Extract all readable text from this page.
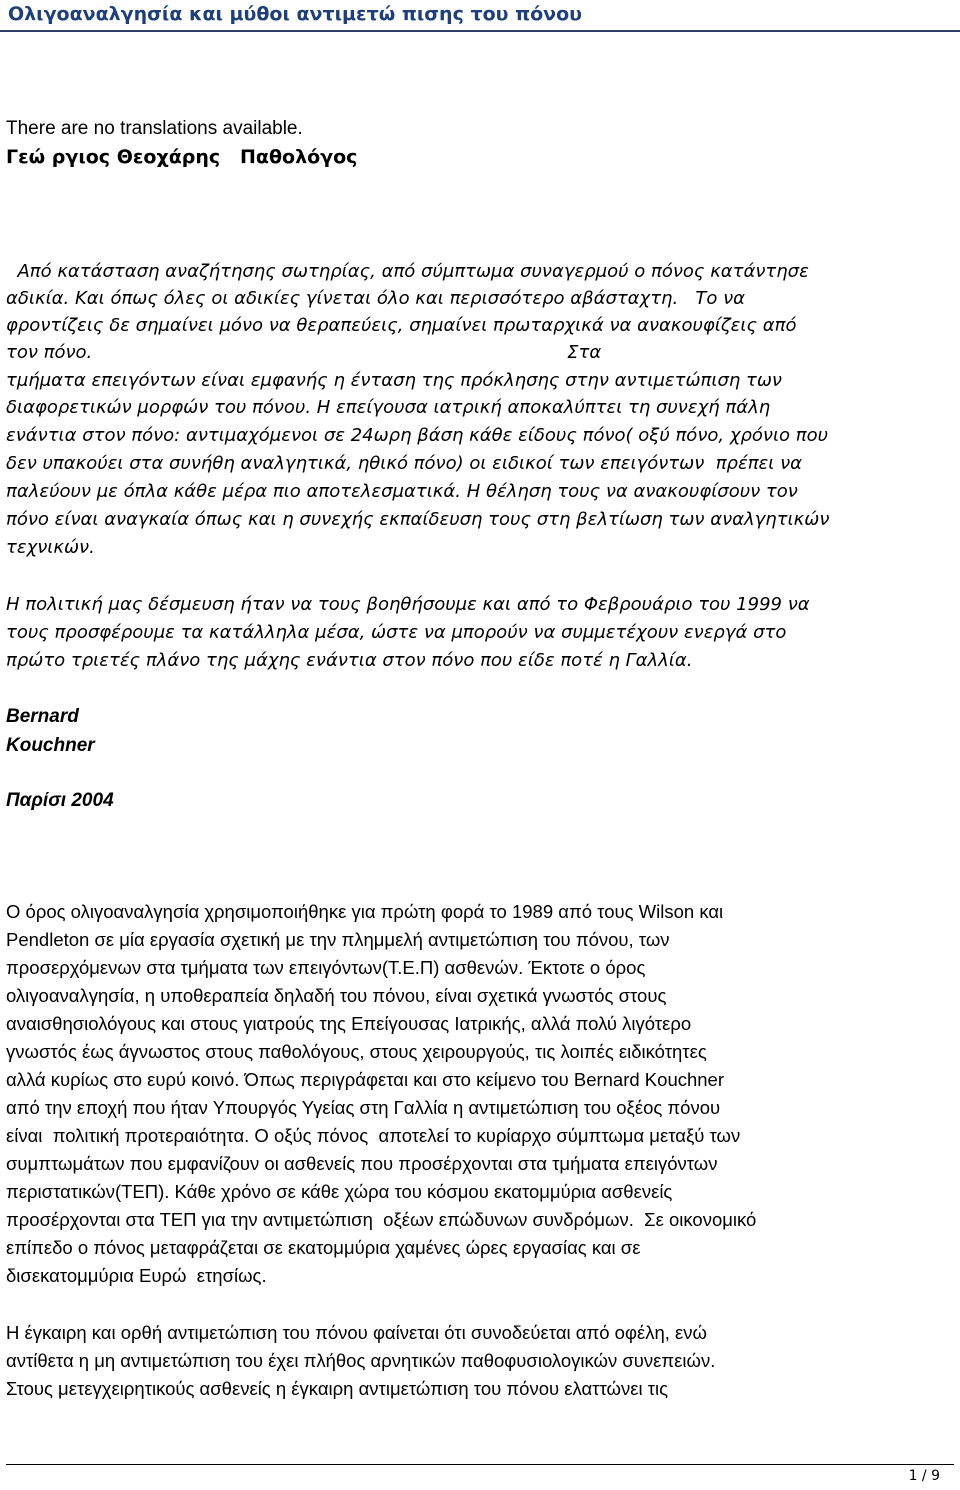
Ολιγοαναλγησία και μύθοι αντιμετώ πισης του πόνου
There are no translations available.
Γεώ ργιος Θεοχάρης   Παθολόγος
Από κατάσταση αναζήτησης σωτηρίας, από σύμπτωμα συναγερμού ο πόνος κατάντησε
αδικία. Και όπως όλες οι αδικίες γίνεται όλο και περισσότερο αβάσταχτη.   Το να
φροντίζεις δε σημαίνει μόνο να θεραπεύεις, σημαίνει πρωταρχικά να ανακουφίζεις από
τον πόνο.                                                                                   Στα
τμήματα επειγόντων είναι εμφανής η ένταση της πρόκλησης στην αντιμετώπιση των
διαφορετικών μορφών του πόνου. Η επείγουσα ιατρική αποκαλύπτει τη συνεχή πάλη
ενάντια στον πόνο: αντιμαχόμενοι σε 24ωρη βάση κάθε είδους πόνο( οξύ πόνο, χρόνιο που
δεν υπακούει στα συνήθη αναλγητικά, ηθικό πόνο) οι ειδικοί των επειγόντων  πρέπει να
παλεύουν με όπλα κάθε μέρα πιο αποτελεσματικά. Η θέληση τους να ανακουφίσουν τον
πόνο είναι αναγκαία όπως και η συνεχής εκπαίδευση τους στη βελτίωση των αναλγητικών
τεχνικών.
Η πολιτική μας δέσμευση ήταν να τους βοηθήσουμε και από το Φεβρουάριο του 1999 να
τους προσφέρουμε τα κατάλληλα μέσα, ώστε να μπορούν να συμμετέχουν ενεργά στο
πρώτο τριετές πλάνο της μάχης ενάντια στον πόνο που είδε ποτέ η Γαλλία.
Bernard
Kouchner
Παρίσι 2004
Ο όρος ολιγοαναλγησία χρησιμοποιήθηκε για πρώτη φορά το 1989 από τους Wilson και
Pendleton σε μία εργασία σχετική με την πλημμελή αντιμετώπιση του πόνου, των
προσερχόμενων στα τμήματα των επειγόντων(Τ.Ε.Π) ασθενών. Έκτοτε ο όρος
ολιγοαναλγησία, η υποθεραπεία δηλαδή του πόνου, είναι σχετικά γνωστός στους
αναισθησιολόγους και στους γιατρούς της Επείγουσας Ιατρικής, αλλά πολύ λιγότερο
γνωστός έως άγνωστος στους παθολόγους, στους χειρουργούς, τις λοιπές ειδικότητες
αλλά κυρίως στο ευρύ κοινό. Όπως περιγράφεται και στο κείμενο του Bernard Kouchner
από την εποχή που ήταν Υπουργός Υγείας στη Γαλλία η αντιμετώπιση του οξέος πόνου
είναι  πολιτική προτεραιότητα. Ο οξύς πόνος  αποτελεί το κυρίαρχο σύμπτωμα μεταξύ των
συμπτωμάτων που εμφανίζουν οι ασθενείς που προσέρχονται στα τμήματα επειγόντων
περιστατικών(ΤΕΠ). Κάθε χρόνο σε κάθε χώρα του κόσμου εκατομμύρια ασθενείς
προσέρχονται στα ΤΕΠ για την αντιμετώπιση  οξέων επώδυνων συνδρόμων.  Σε οικονομικό
επίπεδο ο πόνος μεταφράζεται σε εκατομμύρια χαμένες ώρες εργασίας και σε
δισεκατομμύρια Ευρώ  ετησίως.
Η έγκαιρη και ορθή αντιμετώπιση του πόνου φαίνεται ότι συνοδεύεται από οφέλη, ενώ
αντίθετα η μη αντιμετώπιση του έχει πλήθος αρνητικών παθοφυσιολογικών συνεπειών.
Στους μετεγχειρητικούς ασθενείς η έγκαιρη αντιμετώπιση του πόνου ελαττώνει τις
1 / 9
